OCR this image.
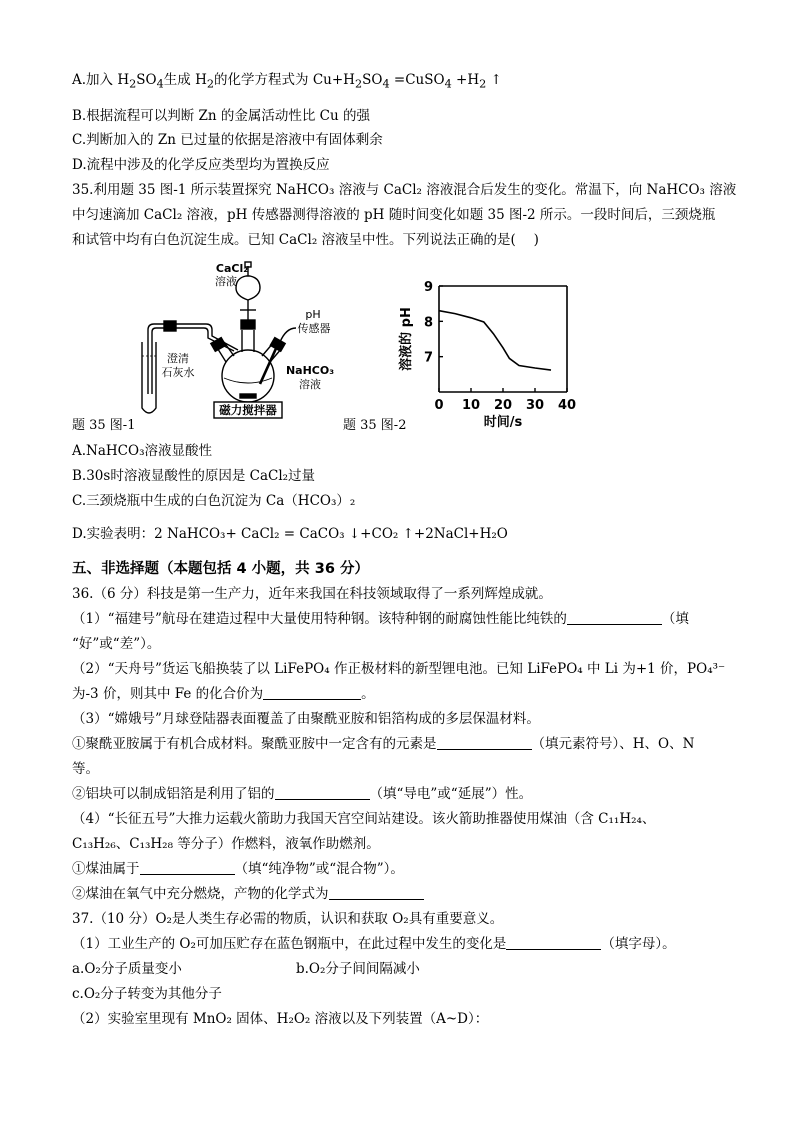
A.加入 $H_2SO_4$生成 $H_2$的化学方程式为 $Cu+H_2SO_4$ =CuSO$_4$ $+H_2$ ↑
B.根据流程可以判断 Zn 的金属活动性比 Cu 的强
C.判断加入的 Zn 已过量的依据是溶液中有固体剩余
D.流程中涉及的化学反应类型均为置换反应
35.利用题 35 图-1 所示装置探究 NaHCO₃ 溶液与 CaCl₂ 溶液混合后发生的变化。常温下，向 NaHCO₃ 溶液
中匀速滴加 CaCl₂ 溶液，pH 传感器测得溶液的 pH 随时间变化如题 35 图-2 所示。一段时间后，三颈烧瓶
和试管中均有白色沉淀生成。已知 CaCl₂ 溶液呈中性。下列说法正确的是(　 )
CaCl₂
溶液
pH
传感器
澄清
石灰水	NaHCO₃
溶液
磁力搅拌器
题 35 图-1
7
8
9
0 10 20 30 40
溶液的 pH
时间/s
题 35 图-2
A.NaHCO₃溶液显酸性
B.30s时溶液显酸性的原因是 CaCl₂过量
C.三颈烧瓶中生成的白色沉淀为 Ca（HCO₃）₂
D.实验表明：2 NaHCO₃+ CaCl₂ = CaCO₃ ↓+CO₂ ↑+2NaCl+H₂O
五、非选择题（本题包括 4 小题，共 36 分）
36.（6 分）科技是第一生产力，近年来我国在科技领域取得了一系列辉煌成就。
（1）“福建号”航母在建造过程中大量使用特种钢。该特种钢的耐腐蚀性能比纯铁的	（填
“好”或“差”）。
（2）“天舟号”货运飞船换装了以 LiFePO₄ 作正极材料的新型锂电池。已知 LiFePO₄ 中 Li 为+1 价，PO₄³⁻
为-3 价，则其中 Fe 的化合价为	。
（3）“嫦娥号”月球登陆器表面覆盖了由聚酰亚胺和铝箔构成的多层保温材料。
①聚酰亚胺属于有机合成材料。聚酰亚胺中一定含有的元素是	（填元素符号）、H、O、N
等。
②铝块可以制成铝箔是利用了铝的	（填“导电”或“延展”）性。
（4）“长征五号”大推力运载火箭助力我国天宫空间站建设。该火箭助推器使用煤油（含 C₁₁H₂₄、
C₁₃H₂₆、C₁₃H₂₈ 等分子）作燃料，液氧作助燃剂。
①煤油属于	（填“纯净物”或“混合物”）。
②煤油在氧气中充分燃烧，产物的化学式为
37.（10 分）O₂是人类生存必需的物质，认识和获取 O₂具有重要意义。
（1）工业生产的 O₂可加压贮存在蓝色钢瓶中，在此过程中发生的变化是	（填字母）。
a.O₂分子质量变小	b.O₂分子间间隔减小
c.O₂分子转变为其他分子
（2）实验室里现有 MnO₂ 固体、H₂O₂ 溶液以及下列装置（A~D）：
